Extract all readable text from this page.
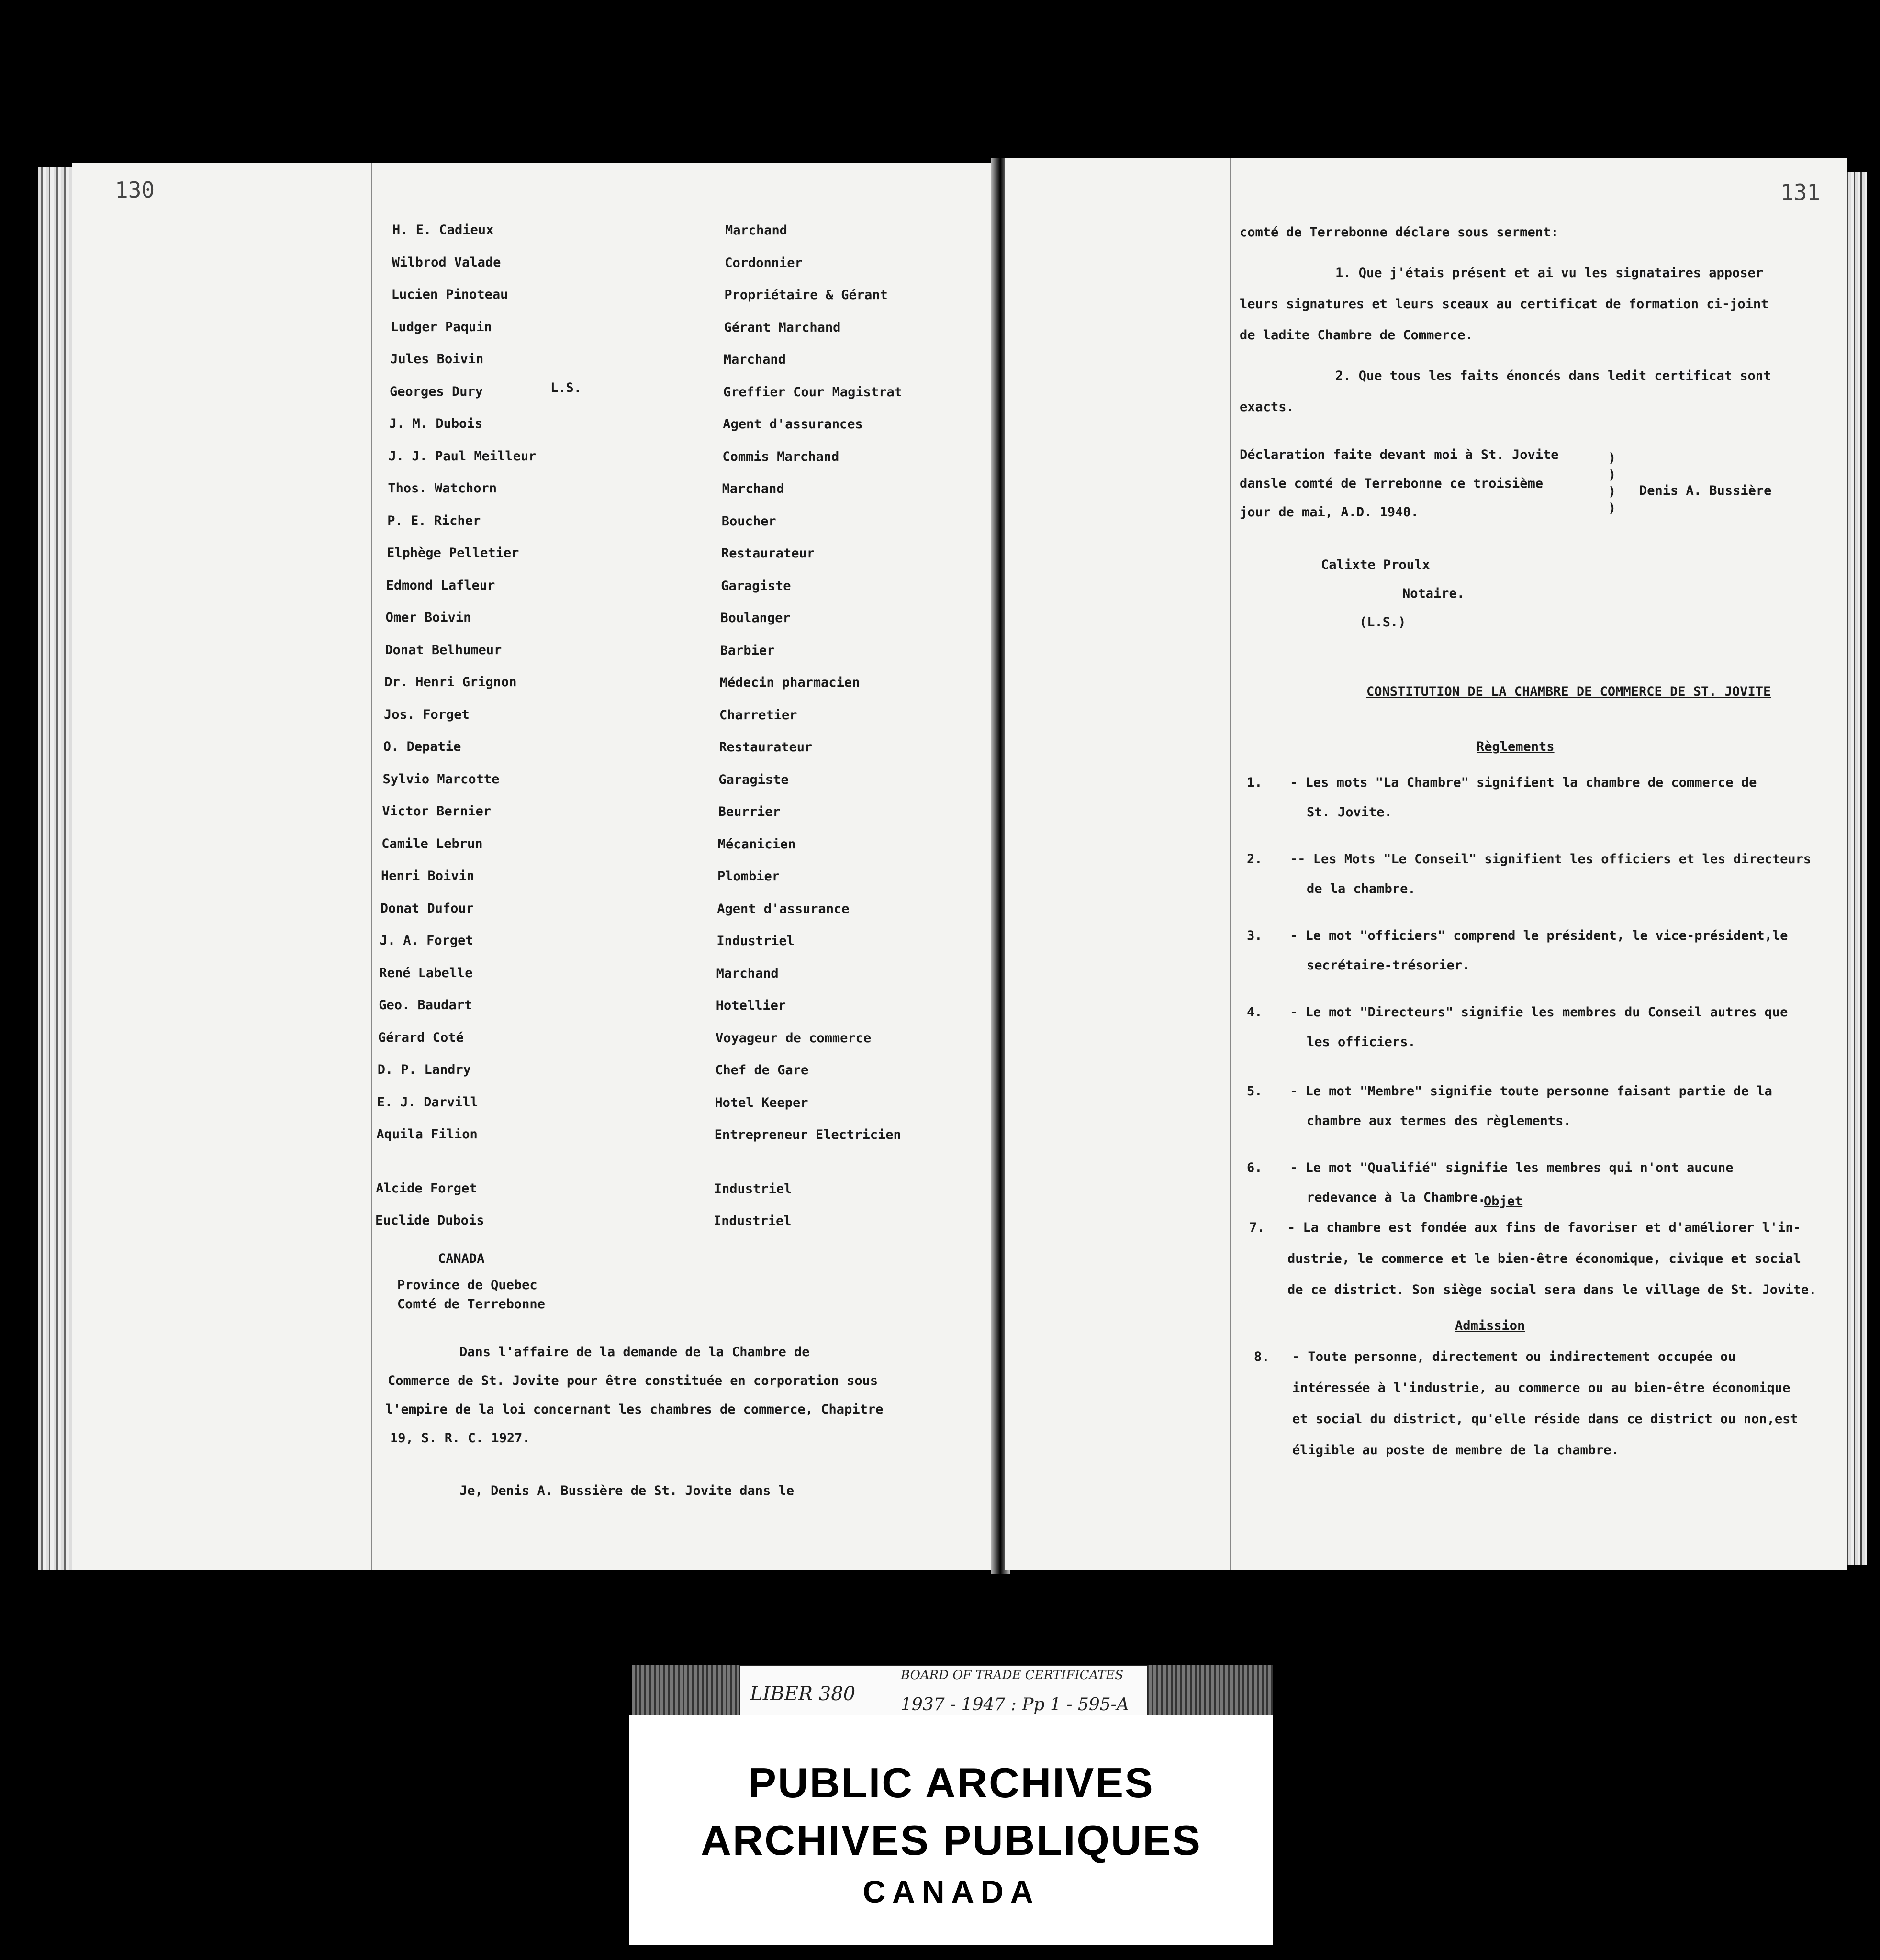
130
H. E. Cadieux	Marchand
Wilbrod Valade	Cordonnier
Lucien Pinoteau	Propriétaire & Gérant
Ludger Paquin	Gérant Marchand
Jules Boivin	Marchand
Georges Dury	Greffier Cour Magistrat
J. M. Dubois	Agent d'assurances
J. J. Paul Meilleur	Commis Marchand
Thos. Watchorn	Marchand
P. E. Richer	Boucher
Elphège Pelletier	Restaurateur
Edmond Lafleur	Garagiste
Omer Boivin	Boulanger
Donat Belhumeur	Barbier
Dr. Henri Grignon	Médecin pharmacien
Jos. Forget	Charretier
O. Depatie	Restaurateur
Sylvio Marcotte	Garagiste
Victor Bernier	Beurrier
Camile Lebrun	Mécanicien
Henri Boivin	Plombier
Donat Dufour	Agent d'assurance
J. A. Forget	Industriel
René Labelle	Marchand
Geo. Baudart	Hotellier
Gérard Coté	Voyageur de commerce
D. P. Landry	Chef de Gare
E. J. Darvill	Hotel Keeper
Aquila Filion	Entrepreneur Electricien
Alcide Forget	Industriel
Euclide Dubois	Industriel
L.S.
CANADA
Province de Quebec
Comté de Terrebonne
Dans l'affaire de la demande de la Chambre de
Commerce de St. Jovite pour être constituée en corporation sous
l'empire de la loi concernant les chambres de commerce, Chapitre
19, S. R. C. 1927.
Je, Denis A. Bussière de St. Jovite dans le
131
comté de Terrebonne déclare sous serment:
1. Que j'étais présent et ai vu les signataires apposer
leurs signatures et leurs sceaux au certificat de formation ci-joint
de ladite Chambre de Commerce.
2. Que tous les faits énoncés dans ledit certificat sont
exacts.
Déclaration faite devant moi à St. Jovite
dansle comté de Terrebonne ce troisième
jour de mai, A.D. 1940.
)
)
)
)
Denis A. Bussière
Calixte Proulx
Notaire.
(L.S.)
CONSTITUTION DE LA CHAMBRE DE COMMERCE DE ST. JOVITE
Règlements
1. - Les mots "La Chambre" signifient la chambre de commerce de
St. Jovite.
2. -- Les Mots "Le Conseil" signifient les officiers et les directeurs
de la chambre.
3. - Le mot "officiers" comprend le président, le vice-président,le
secrétaire-trésorier.
4. - Le mot "Directeurs" signifie les membres du Conseil autres que
les officiers.
5. - Le mot "Membre" signifie toute personne faisant partie de la
chambre aux termes des règlements.
6. - Le mot "Qualifié" signifie les membres qui n'ont aucune
redevance à la Chambre.
Objet
7. - La chambre est fondée aux fins de favoriser et d'améliorer l'in-
dustrie, le commerce et le bien-être économique, civique et social
de ce district. Son siège social sera dans le village de St. Jovite.
Admission
8. - Toute personne, directement ou indirectement occupée ou
intéressée à l'industrie, au commerce ou au bien-être économique
et social du district, qu'elle réside dans ce district ou non,est
éligible au poste de membre de la chambre.
LIBER 380
BOARD OF TRADE CERTIFICATES
1937 - 1947 : Pp 1 - 595-A
PUBLIC ARCHIVES
ARCHIVES PUBLIQUES
CANADA
